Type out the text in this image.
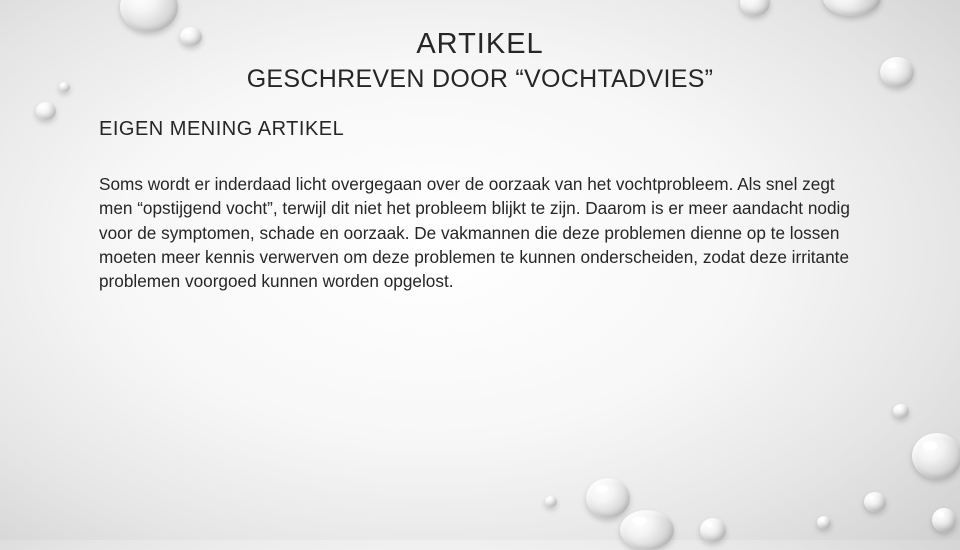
ARTIKEL
GESCHREVEN DOOR “VOCHTADVIES”
EIGEN MENING ARTIKEL

Soms wordt er inderdaad licht overgegaan over de oorzaak van het vochtprobleem. Als snel zegt men “opstijgend vocht”, terwijl dit niet het probleem blijkt te zijn. Daarom is er meer aandacht nodig voor de symptomen, schade en oorzaak. De vakmannen die deze problemen dienne op te lossen moeten meer kennis verwerven om deze problemen te kunnen onderscheiden, zodat deze irritante problemen voorgoed kunnen worden opgelost.
